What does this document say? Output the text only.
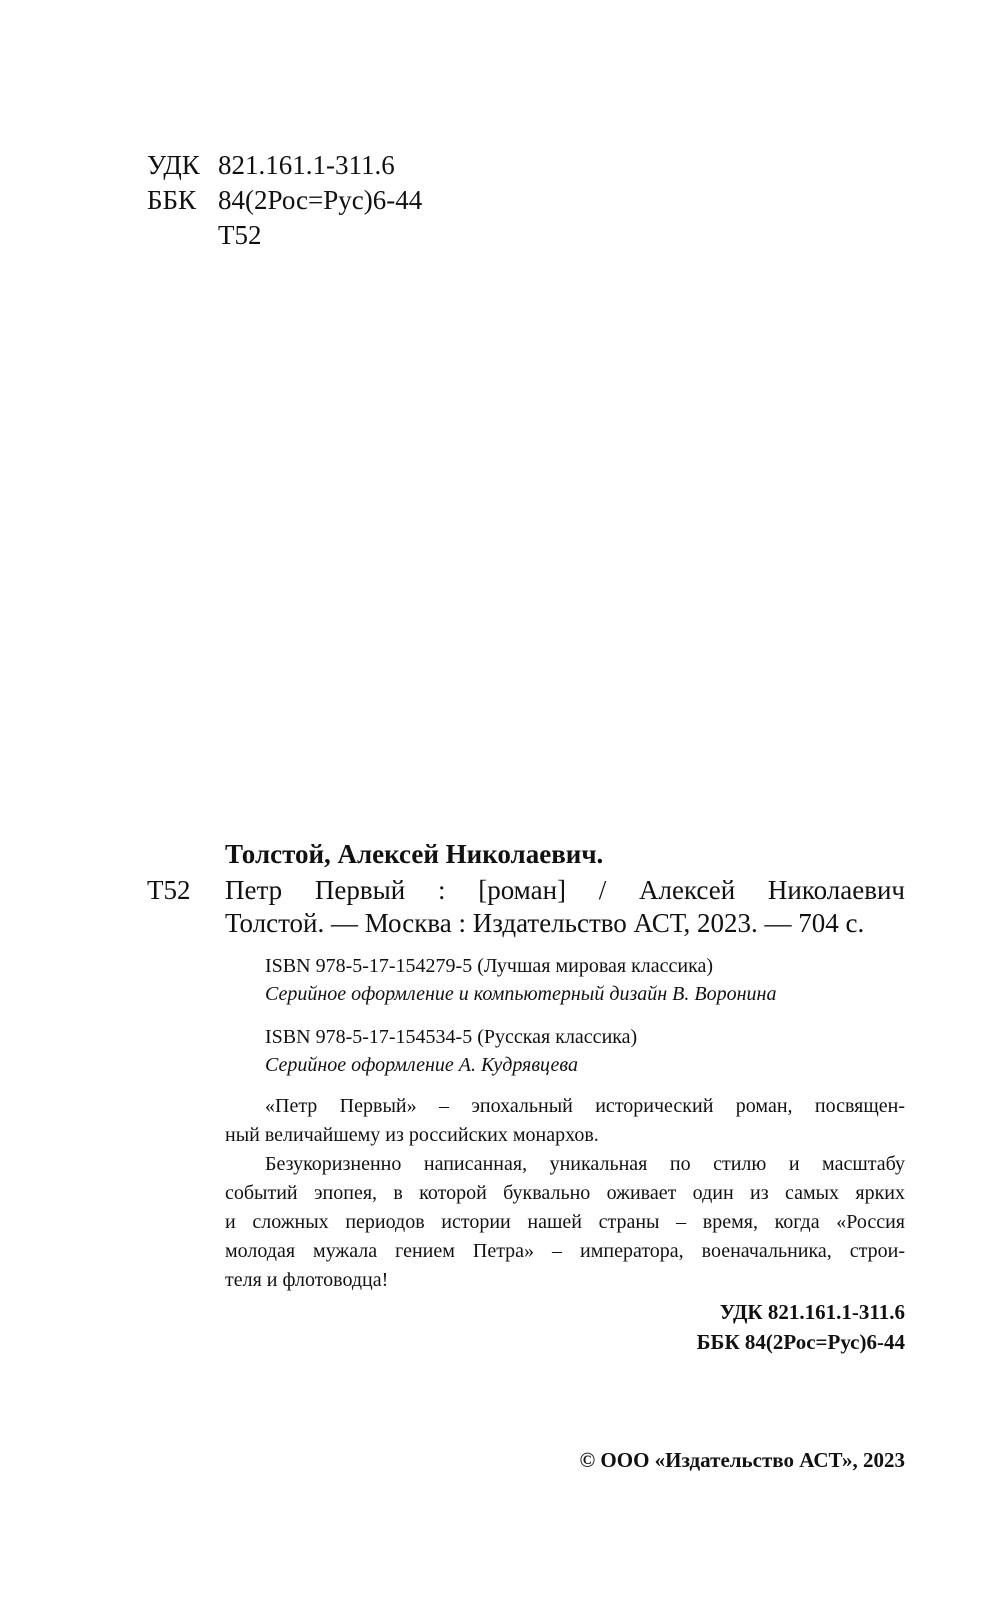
УДК 821.161.1-311.6
ББК 84(2Рос=Рус)6-44
Т52
Толстой, Алексей Николаевич.
Т52 Петр Первый : [роман] / Алексей Николаевич
Толстой. — Москва : Издательство АСТ, 2023. — 704 с.
ISBN 978-5-17-154279-5 (Лучшая мировая классика)
Серийное оформление и компьютерный дизайн В. Воронина
ISBN 978-5-17-154534-5 (Русская классика)
Серийное оформление А. Кудрявцева
«Петр Первый» – эпохальный исторический роман, посвящен-
ный величайшему из российских монархов.
Безукоризненно написанная, уникальная по стилю и масштабу
событий эпопея, в которой буквально оживает один из самых ярких
и сложных периодов истории нашей страны – время, когда «Россия
молодая мужала гением Петра» – императора, военачальника, строи-
теля и флотоводца!
УДК 821.161.1-311.6
ББК 84(2Рос=Рус)6-44
© ООО «Издательство АСТ», 2023
